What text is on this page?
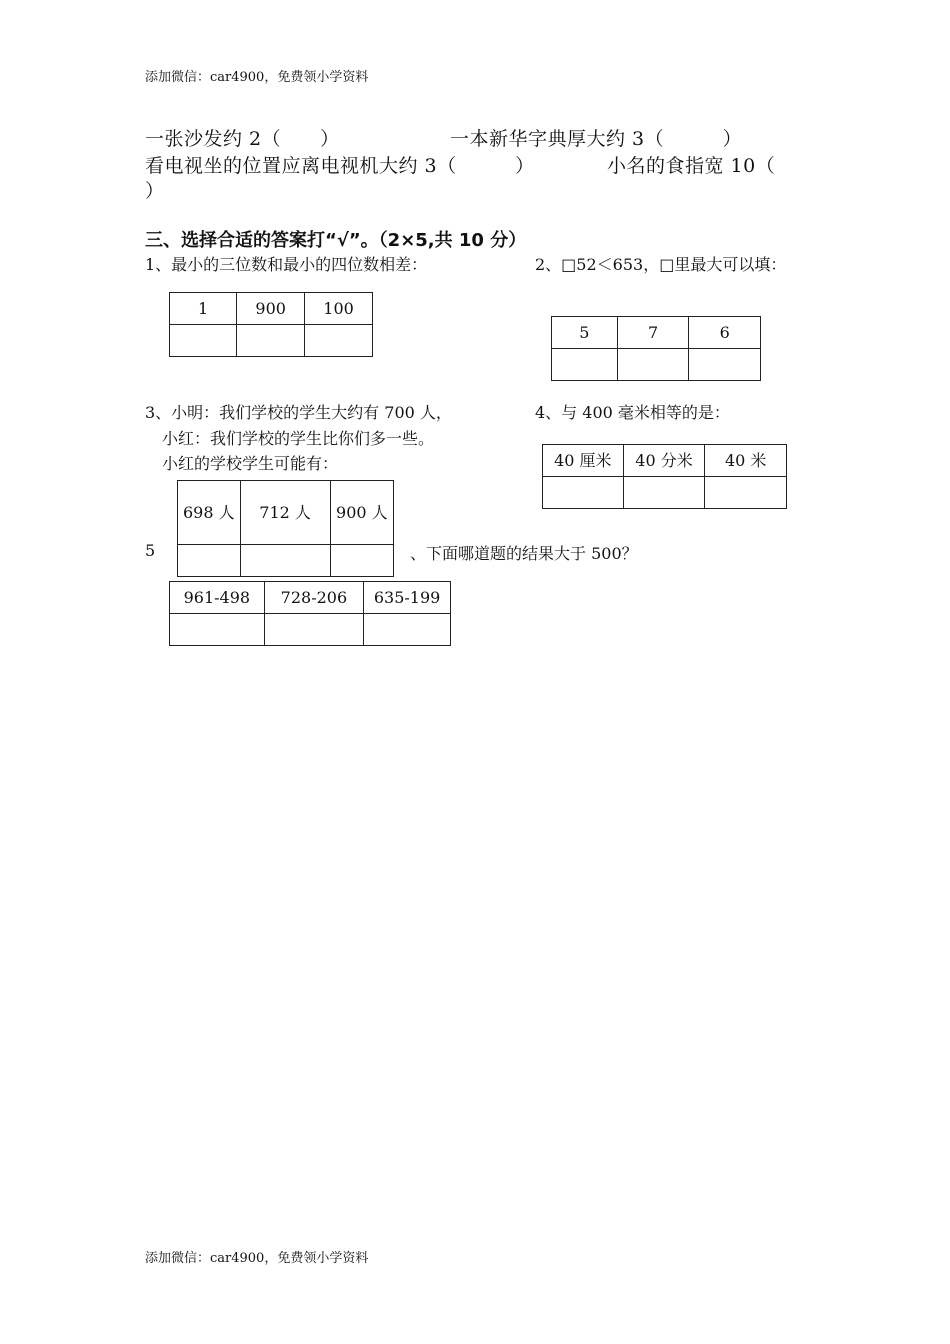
添加微信：car4900，免费领小学资料
添加微信：car4900，免费领小学资料
一张沙发约 2（　　）	一本新华字典厚大约 3（　　　）
看电视坐的位置应离电视机大约 3（　　　）	小名的食指宽 10（
）
三、选择合适的答案打“√”。（2×5,共 10 分）
1、最小的三位数和最小的四位数相差：
1	900	100

2、□52＜653，□里最大可以填：
5	7	6

3、小明：我们学校的学生大约有 700 人，
小红：我们学校的学生比你们多一些。
小红的学校学生可能有：
698 人	712 人	900 人

4、与 400 毫米相等的是：
40 厘米	40 分米	40 米

5	、下面哪道题的结果大于 500？
961-498	728-206	635-199
